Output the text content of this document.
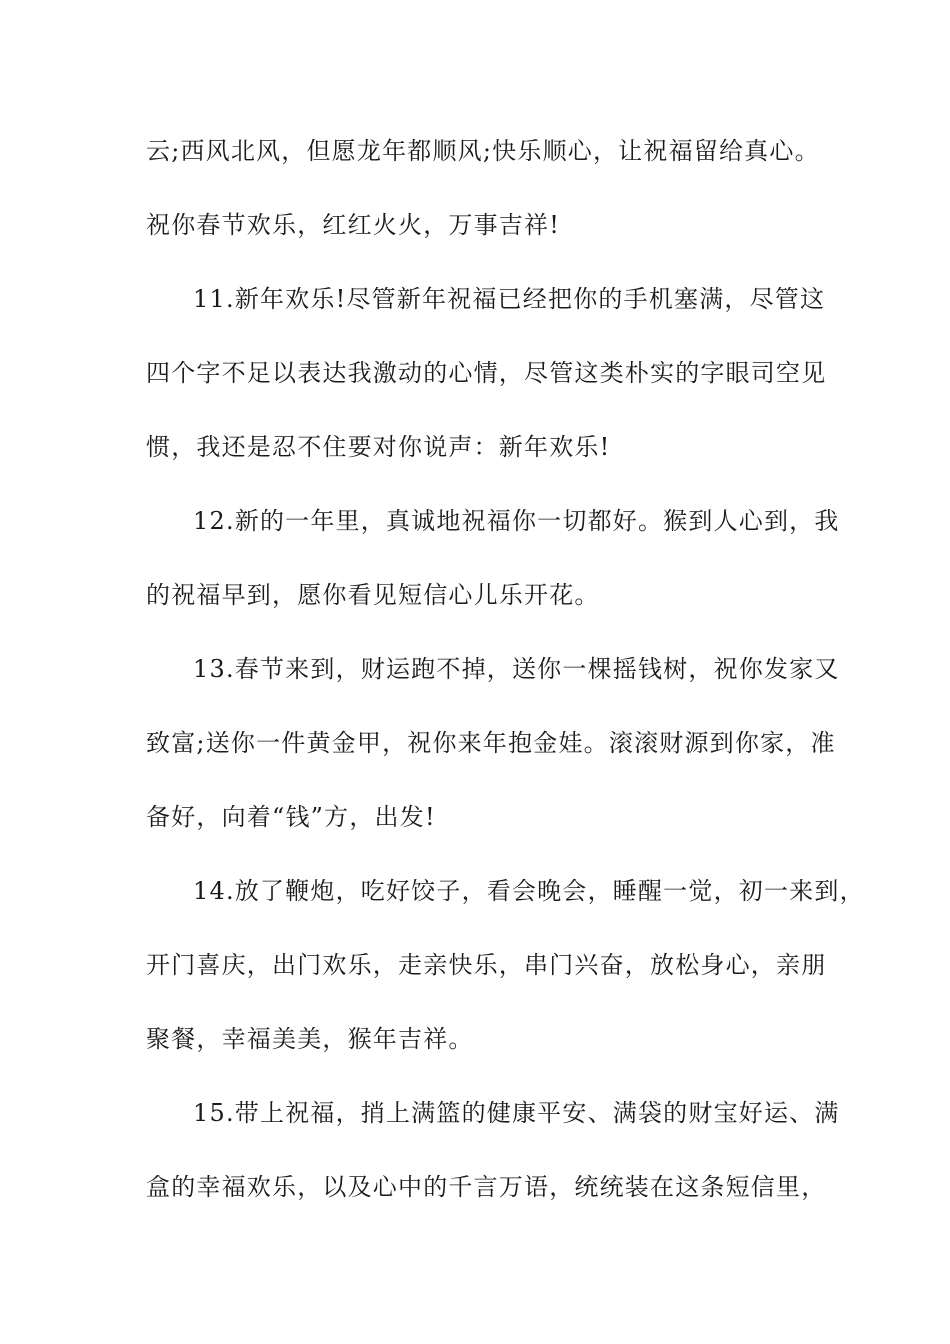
云;西风北风，但愿龙年都顺风;快乐顺心，让祝福留给真心。
祝你春节欢乐，红红火火，万事吉祥!
11.新年欢乐!尽管新年祝福已经把你的手机塞满，尽管这
四个字不足以表达我激动的心情，尽管这类朴实的字眼司空见
惯，我还是忍不住要对你说声：新年欢乐!
12.新的一年里，真诚地祝福你一切都好。猴到人心到，我
的祝福早到，愿你看见短信心儿乐开花。
13.春节来到，财运跑不掉，送你一棵摇钱树，祝你发家又
致富;送你一件黄金甲，祝你来年抱金娃。滚滚财源到你家，准
备好，向着“钱”方，出发!
14.放了鞭炮，吃好饺子，看会晚会，睡醒一觉，初一来到，
开门喜庆，出门欢乐，走亲快乐，串门兴奋，放松身心，亲朋
聚餐，幸福美美，猴年吉祥。
15.带上祝福，捎上满篮的健康平安、满袋的财宝好运、满
盒的幸福欢乐，以及心中的千言万语，统统装在这条短信里，
